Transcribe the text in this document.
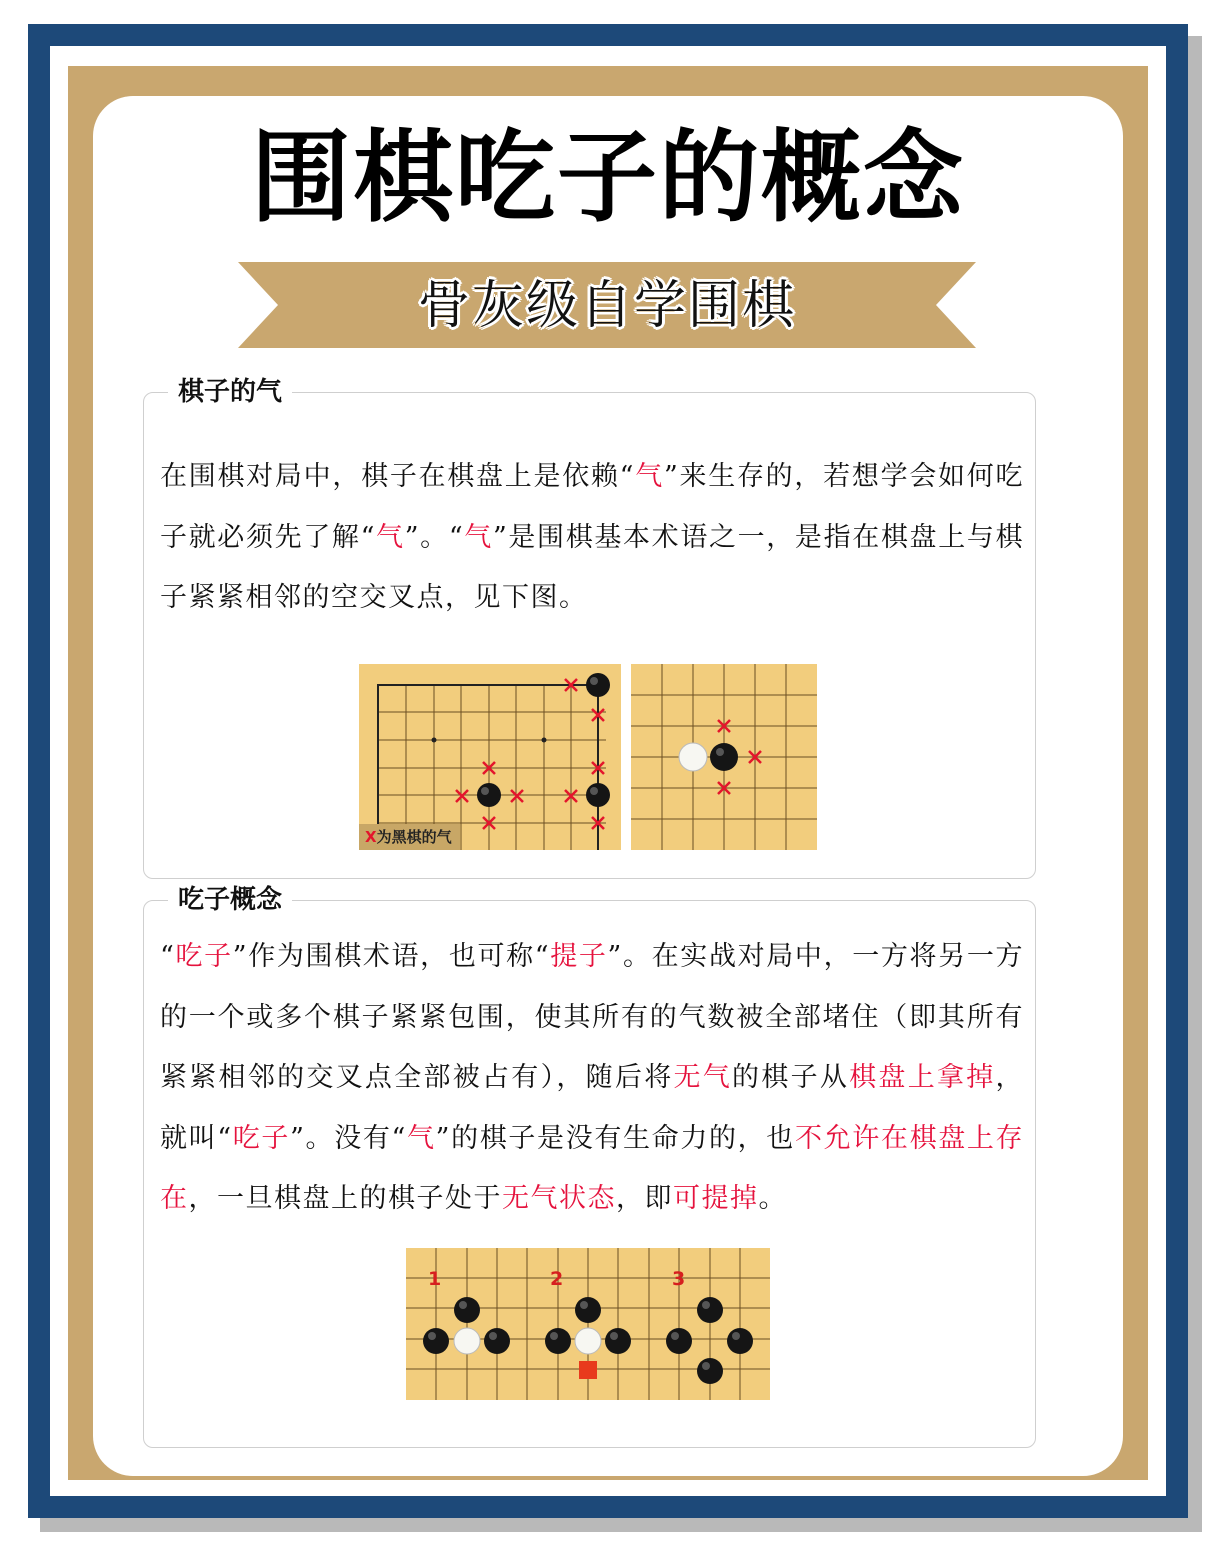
围棋吃子的概念
骨灰级自学围棋
棋子的气
在围棋对局中，棋子在棋盘上是依赖“气”来生存的，若想学会如何吃子就必须先了解“气”。“气”是围棋基本术语之一，是指在棋盘上与棋子紧紧相邻的空交叉点，见下图。
吃子概念
“吃子”作为围棋术语，也可称“提子”。在实战对局中，一方将另一方的一个或多个棋子紧紧包围，使其所有的气数被全部堵住（即其所有紧紧相邻的交叉点全部被占有），随后将无气的棋子从棋盘上拿掉，就叫“吃子”。没有“气”的棋子是没有生命力的，也不允许在棋盘上存在，一旦棋盘上的棋子处于无气状态，即可提掉。
X为黑棋的气
1	2	3
